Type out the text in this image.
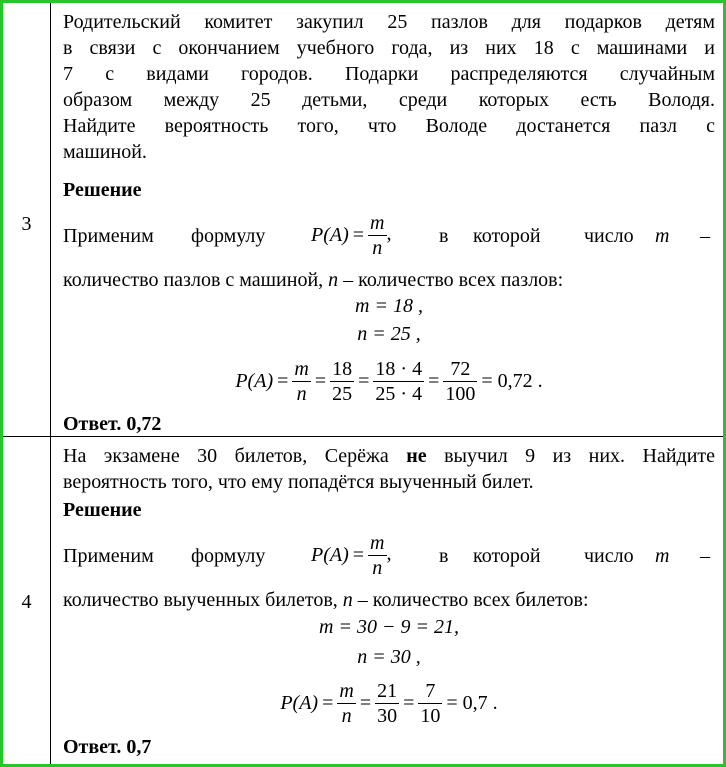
3
Родительский комитет закупил 25 пазлов для подарков детям
в связи с окончанием учебного года, из них 18 с машинами и
7 с видами городов. Подарки распределяются случайным
образом между 25 детьми, среди которых есть Володя.
Найдите вероятность того, что Володе достанется пазл с
машиной.
Решение
Применим формулу $P(A) = \frac{m}{n}$ , в которой число m –
количество пазлов с машиной, n – количество всех пазлов:
m = 18 ,
n = 25 ,
$P(A) = \frac{m}{n} = \frac{18}{25} = \frac{18 \cdot 4}{25 \cdot 4} = \frac{72}{100} = 0,72$ .
Ответ. 0,72
4
На экзамене 30 билетов, Серёжа не выучил 9 из них. Найдите
вероятность того, что ему попадётся выученный билет.
Решение
Применим формулу $P(A) = \frac{m}{n}$ , в которой число m –
количество выученных билетов, n – количество всех билетов:
m = 30 − 9 = 21,
n = 30 ,
$P(A) = \frac{m}{n} = \frac{21}{30} = \frac{7}{10} = 0,7$ .
Ответ. 0,7
